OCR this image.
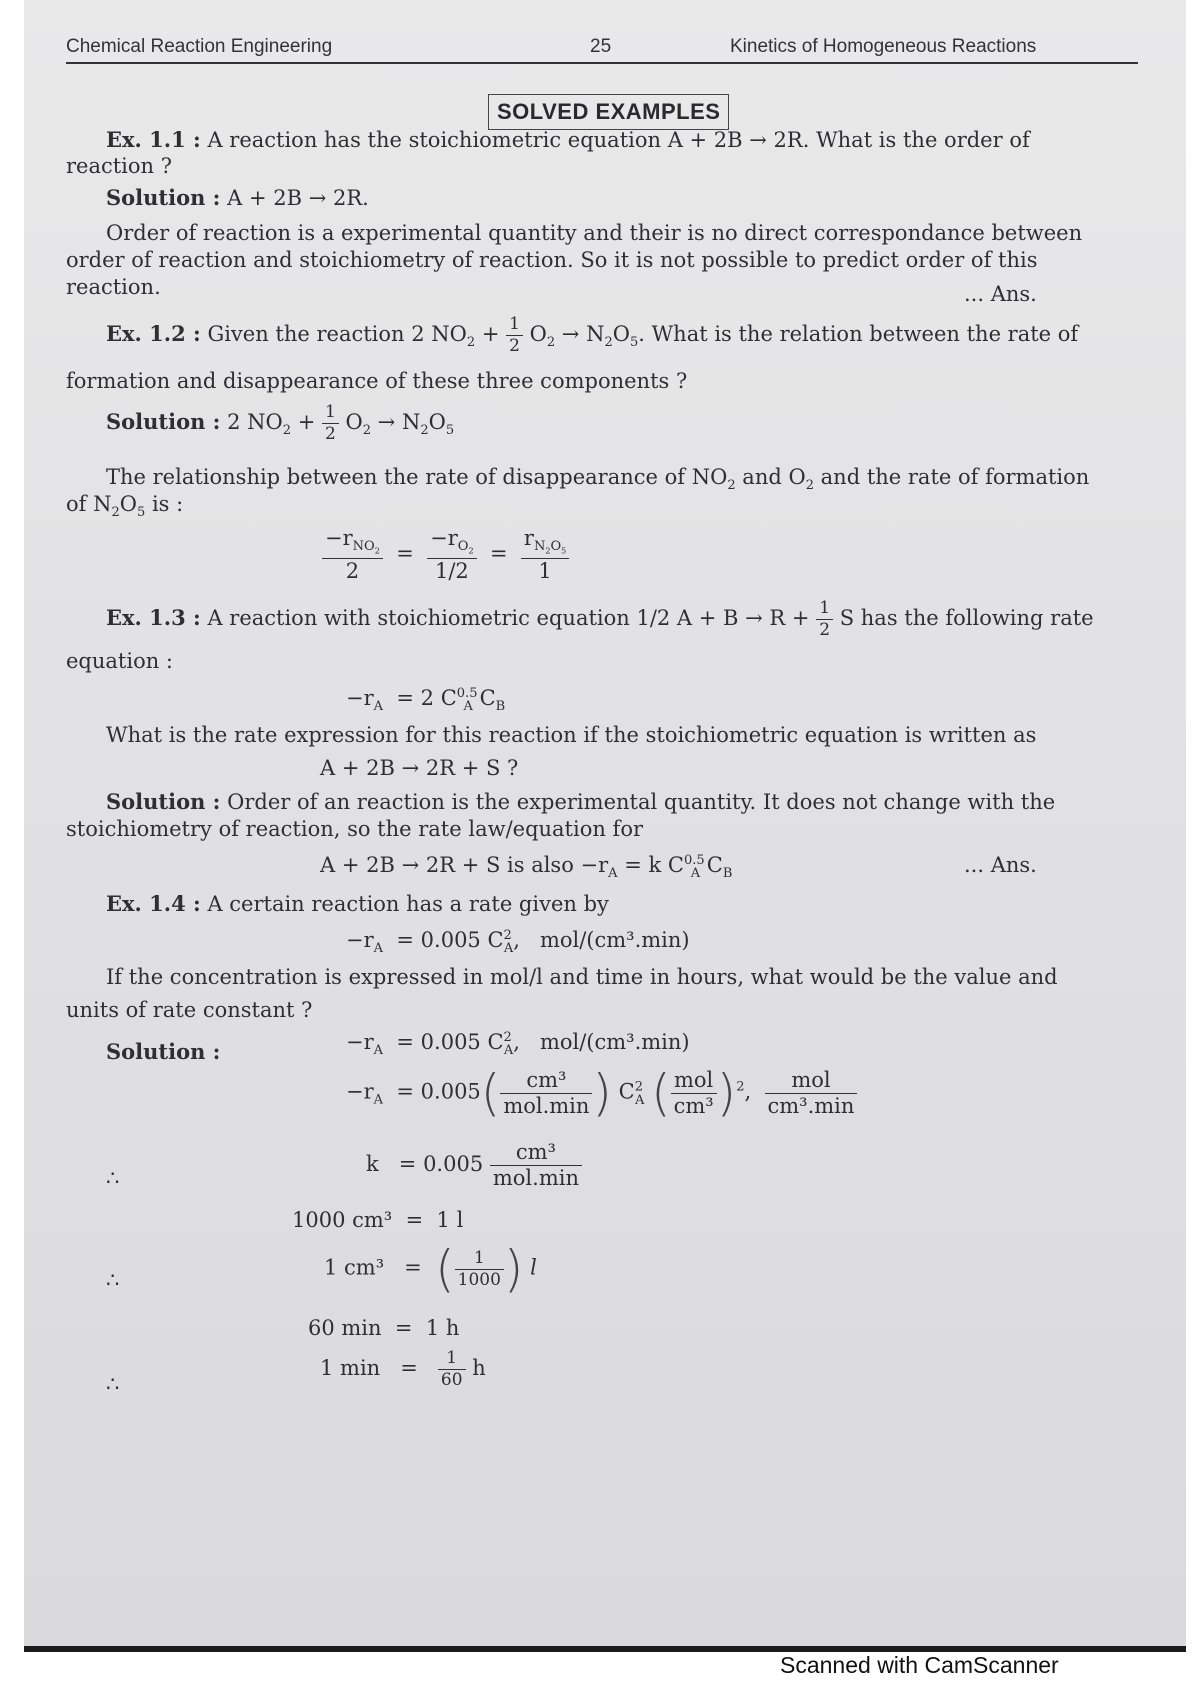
Chemical Reaction Engineering	25	Kinetics of Homogeneous Reactions
SOLVED EXAMPLES
Ex. 1.1 : A reaction has the stoichiometric equation A + 2B → 2R. What is the order of
reaction ?
Solution : A + 2B → 2R.
Order of reaction is a experimental quantity and their is no direct correspondance between
order of reaction and stoichiometry of reaction. So it is not possible to predict order of this
reaction.	... Ans.
Ex. 1.2 : Given the reaction 2 $NO_2 + \frac{1}{2} O_2 \to N_2O_5$. What is the relation between the rate of
formation and disappearance of these three components ?
Solution : 2 $NO_2 + \frac{1}{2} O_2 \to N_2O_5$
The relationship between the rate of disappearance of $NO_2$ and $O_2$ and the rate of formation
of $N_2O_5$ is :
$\frac{-r_{NO_2}}{2} = \frac{-r_{O_2}}{1/2} = \frac{r_{N_2O_5}}{1}$
Ex. 1.3 : A reaction with stoichiometric equation 1/2 $A + B \to R + \frac{1}{2}$ S has the following rate
equation :
$-r_A = 2$ $C^{0.5}_A$ $C_B$
What is the rate expression for this reaction if the stoichiometric equation is written as
A + 2B → 2R + S ?
Solution : Order of an reaction is the experimental quantity. It does not change with the
stoichiometry of reaction, so the rate law/equation for
A + 2B → 2R + S is also $-r_A = k$ $C^{0.5}_A$ $C_B$	... Ans.
Ex. 1.4 : A certain reaction has a rate given by
$-r_A = 0.005$ $C^2_A$,   mol/(cm³.min)
If the concentration is expressed in mol/l and time in hours, what would be the value and
units of rate constant ?
Solution :	$-r_A = 0.005$ $C^2_A$,   mol/(cm³.min)
$-r_A = 0.005( \frac{\text{cm³}}{\text{mol.min}}$ ) $C^2_A$ ( $\frac{\text{mol}}{\text{cm³}} )^2$, $\frac{\text{mol}}{\text{cm³.min}}$
∴
$k = 0.005 \frac{\text{cm³}}{\text{mol.min}}$
1000 cm³ = 1 l
∴
1 cm³ = ( $\frac{1}{1000}$ ) l
60 min = 1 h
∴
1 $\min = \frac{1}{60}$ h
Scanned with CamScanner
